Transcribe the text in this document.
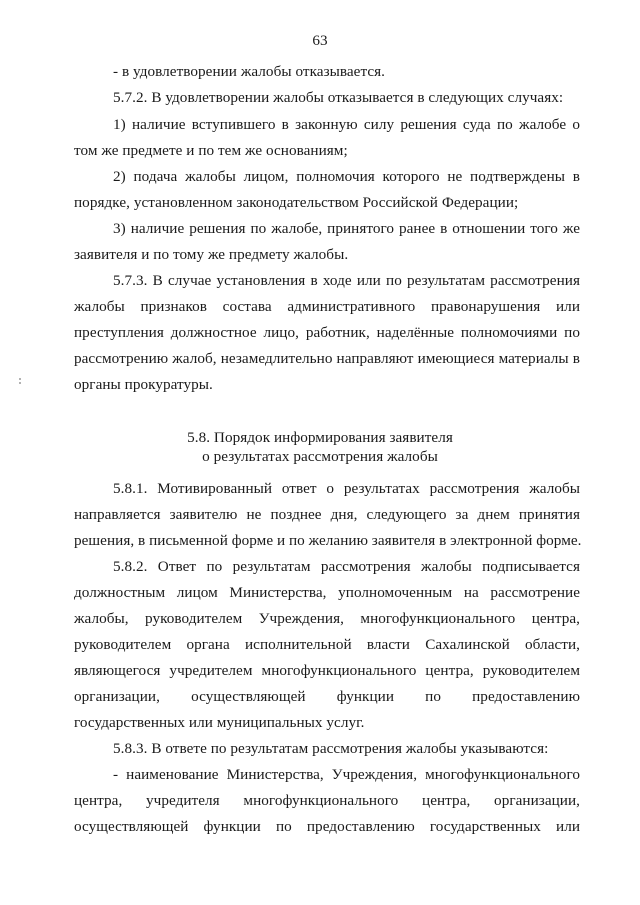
63
- в удовлетворении жалобы отказывается.
5.7.2. В удовлетворении жалобы отказывается в следующих случаях:
1) наличие вступившего в законную силу решения суда по жалобе о
том же предмете и по тем же основаниям;
2) подача жалобы лицом, полномочия которого не подтверждены в
порядке, установленном законодательством Российской Федерации;
3) наличие решения по жалобе, принятого ранее в отношении того же
заявителя и по тому же предмету жалобы.
5.7.3. В случае установления в ходе или по результатам рассмотрения
жалобы признаков состава административного правонарушения или
преступления должностное лицо, работник, наделённые полномочиями по
рассмотрению жалоб, незамедлительно направляют имеющиеся материалы в
органы прокуратуры.
5.8. Порядок информирования заявителя
о результатах рассмотрения жалобы
5.8.1. Мотивированный ответ о результатах рассмотрения жалобы
направляется заявителю не позднее дня, следующего за днем принятия
решения, в письменной форме и по желанию заявителя в электронной форме.
5.8.2. Ответ по результатам рассмотрения жалобы подписывается
должностным лицом Министерства, уполномоченным на рассмотрение
жалобы, руководителем Учреждения, многофункционального центра,
руководителем органа исполнительной власти Сахалинской области,
являющегося учредителем многофункционального центра, руководителем
организации, осуществляющей функции по предоставлению
государственных или муниципальных услуг.
5.8.3. В ответе по результатам рассмотрения жалобы указываются:
- наименование Министерства, Учреждения, многофункционального
центра, учредителя многофункционального центра, организации,
осуществляющей функции по предоставлению государственных или
